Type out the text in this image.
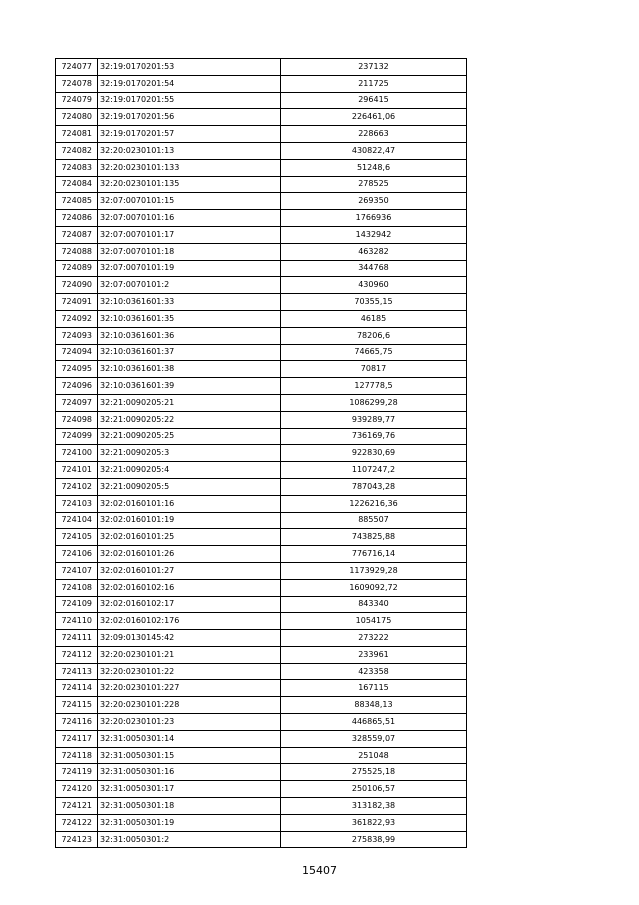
724077	32:19:0170201:53	237132
724078	32:19:0170201:54	211725
724079	32:19:0170201:55	296415
724080	32:19:0170201:56	226461,06
724081	32:19:0170201:57	228663
724082	32:20:0230101:13	430822,47
724083	32:20:0230101:133	51248,6
724084	32:20:0230101:135	278525
724085	32:07:0070101:15	269350
724086	32:07:0070101:16	1766936
724087	32:07:0070101:17	1432942
724088	32:07:0070101:18	463282
724089	32:07:0070101:19	344768
724090	32:07:0070101:2	430960
724091	32:10:0361601:33	70355,15
724092	32:10:0361601:35	46185
724093	32:10:0361601:36	78206,6
724094	32:10:0361601:37	74665,75
724095	32:10:0361601:38	70817
724096	32:10:0361601:39	127778,5
724097	32:21:0090205:21	1086299,28
724098	32:21:0090205:22	939289,77
724099	32:21:0090205:25	736169,76
724100	32:21:0090205:3	922830,69
724101	32:21:0090205:4	1107247,2
724102	32:21:0090205:5	787043,28
724103	32:02:0160101:16	1226216,36
724104	32:02:0160101:19	885507
724105	32:02:0160101:25	743825,88
724106	32:02:0160101:26	776716,14
724107	32:02:0160101:27	1173929,28
724108	32:02:0160102:16	1609092,72
724109	32:02:0160102:17	843340
724110	32:02:0160102:176	1054175
724111	32:09:0130145:42	273222
724112	32:20:0230101:21	233961
724113	32:20:0230101:22	423358
724114	32:20:0230101:227	167115
724115	32:20:0230101:228	88348,13
724116	32:20:0230101:23	446865,51
724117	32:31:0050301:14	328559,07
724118	32:31:0050301:15	251048
724119	32:31:0050301:16	275525,18
724120	32:31:0050301:17	250106,57
724121	32:31:0050301:18	313182,38
724122	32:31:0050301:19	361822,93
724123	32:31:0050301:2	275838,99
15407
